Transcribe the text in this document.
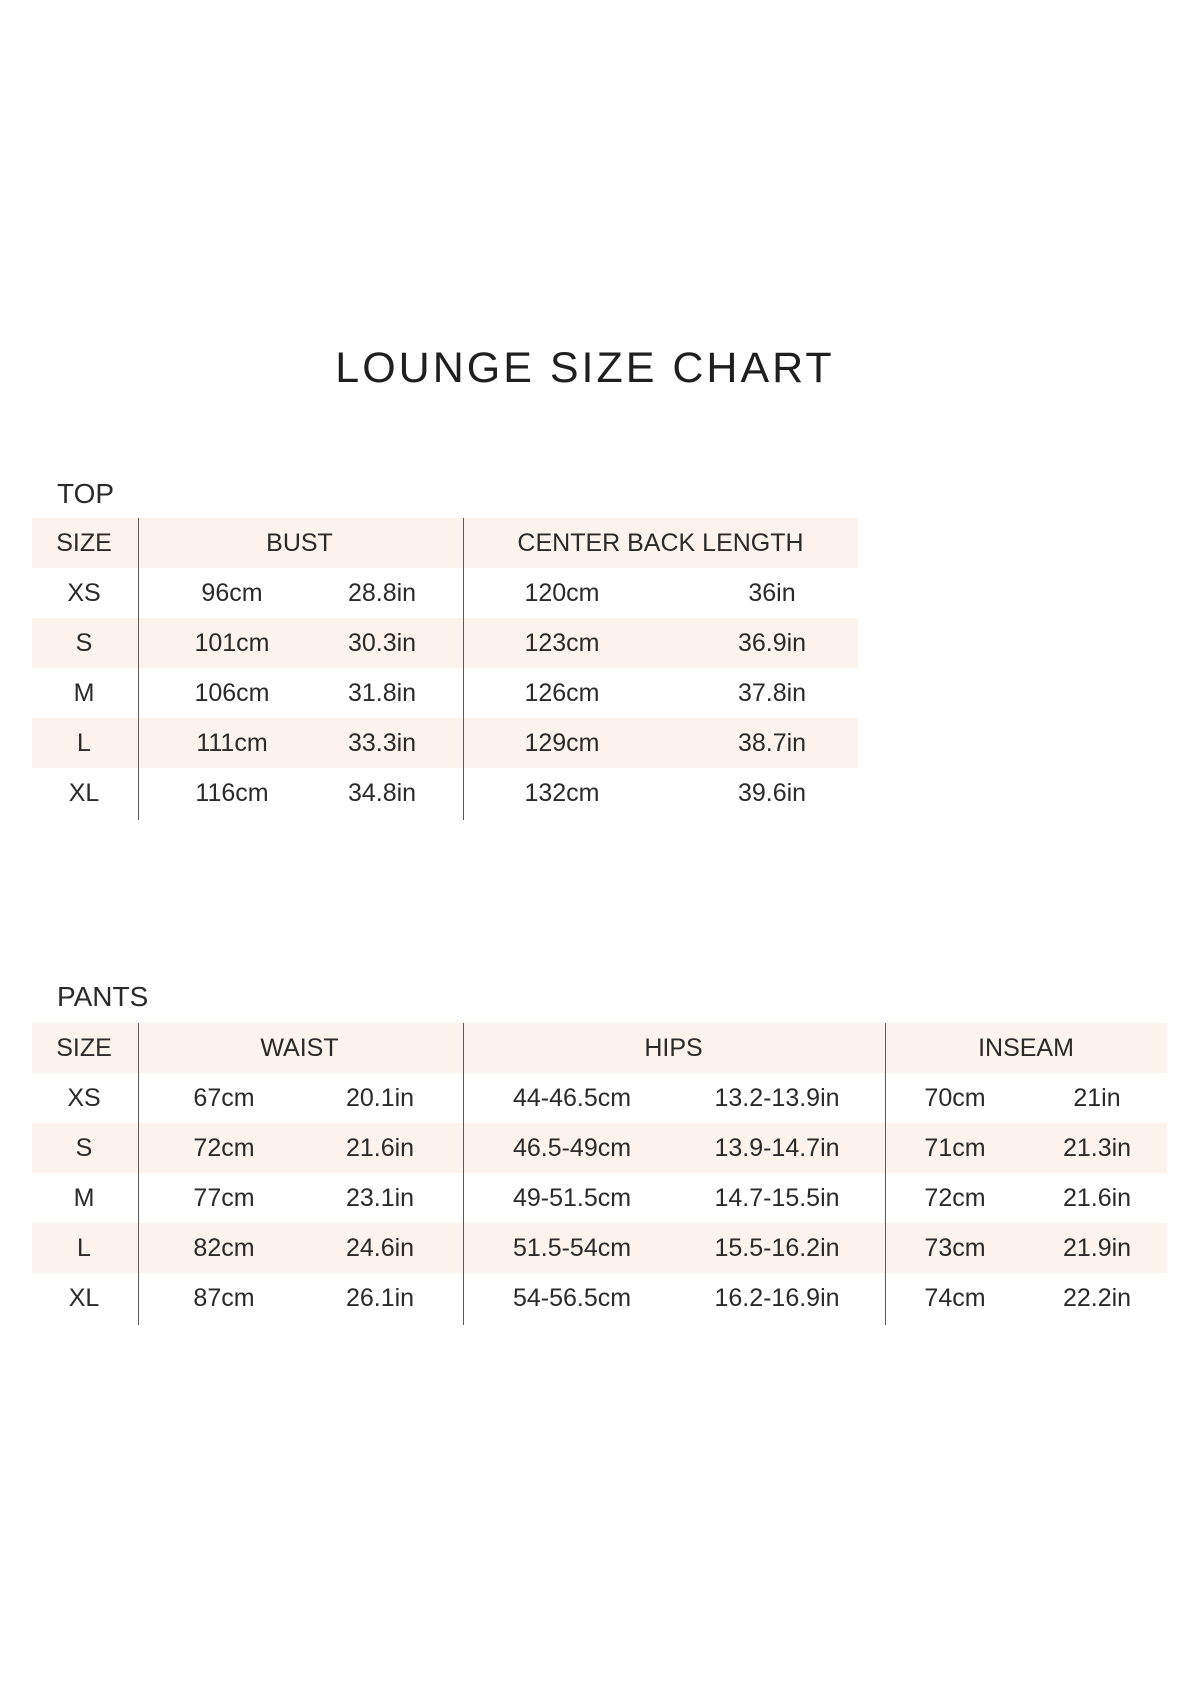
LOUNGE SIZE CHART
TOP
SIZE	BUST	CENTER BACK LENGTH
XS	96cm	28.8in	120cm	36in
S	101cm	30.3in	123cm	36.9in
M	106cm	31.8in	126cm	37.8in
L	111cm	33.3in	129cm	38.7in
XL	116cm	34.8in	132cm	39.6in
PANTS
SIZE	WAIST	HIPS	INSEAM
XS	67cm	20.1in	44-46.5cm	13.2-13.9in	70cm	21in
S	72cm	21.6in	46.5-49cm	13.9-14.7in	71cm	21.3in
M	77cm	23.1in	49-51.5cm	14.7-15.5in	72cm	21.6in
L	82cm	24.6in	51.5-54cm	15.5-16.2in	73cm	21.9in
XL	87cm	26.1in	54-56.5cm	16.2-16.9in	74cm	22.2in
